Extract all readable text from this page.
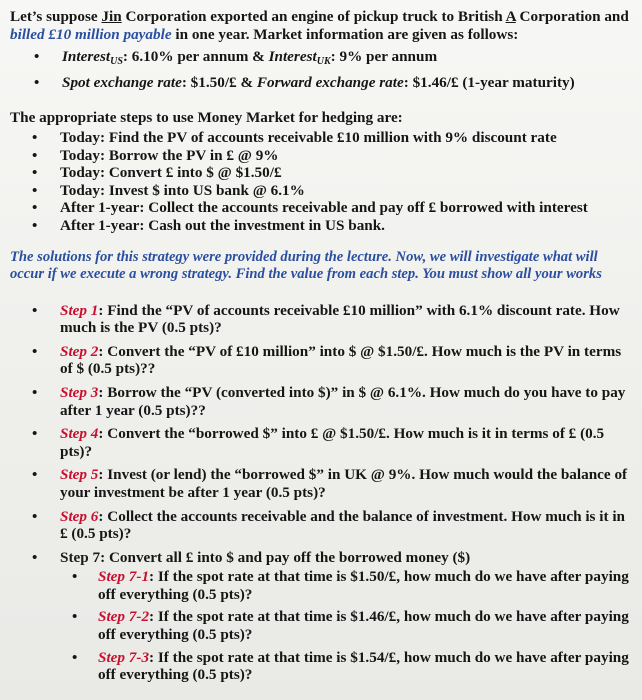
Let’s suppose Jin Corporation exported an engine of pickup truck to British A Corporation and billed £10 million payable in one year. Market information are given as follows:

• Interest$_{US}$: 6.10% per annum & Interest$_{UK}$: 9% per annum
• Spot exchange rate: $1.50/£ & Forward exchange rate: $1.46/£ (1-year maturity)

The appropriate steps to use Money Market for hedging are:

• Today: Find the PV of accounts receivable £10 million with 9% discount rate
• Today: Borrow the PV in £ @ 9%
• Today: Convert £ into $ @ $1.50/£
• Today: Invest $ into US bank @ 6.1%
• After 1-year: Collect the accounts receivable and pay off £ borrowed with interest
• After 1-year: Cash out the investment in US bank.

The solutions for this strategy were provided during the lecture. Now, we will investigate what will occur if we execute a wrong strategy. Find the value from each step. You must show all your works

• Step 1: Find the “PV of accounts receivable £10 million” with 6.1% discount rate. How much is the PV (0.5 pts)?
• Step 2: Convert the “PV of £10 million” into $ @ $1.50/£. How much is the PV in terms of $ (0.5 pts)??
• Step 3: Borrow the “PV (converted into $)” in $ @ 6.1%. How much do you have to pay after 1 year (0.5 pts)??
• Step 4: Convert the “borrowed $” into £ @ $1.50/£. How much is it in terms of £ (0.5 pts)?
• Step 5: Invest (or lend) the “borrowed $” in UK @ 9%. How much would the balance of your investment be after 1 year (0.5 pts)?
• Step 6: Collect the accounts receivable and the balance of investment. How much is it in £ (0.5 pts)?
• Step 7: Convert all £ into $ and pay off the borrowed money ($)
• Step 7-1: If the spot rate at that time is $1.50/£, how much do we have after paying off everything (0.5 pts)?
• Step 7-2: If the spot rate at that time is $1.46/£, how much do we have after paying off everything (0.5 pts)?
• Step 7-3: If the spot rate at that time is $1.54/£, how much do we have after paying off everything (0.5 pts)?
